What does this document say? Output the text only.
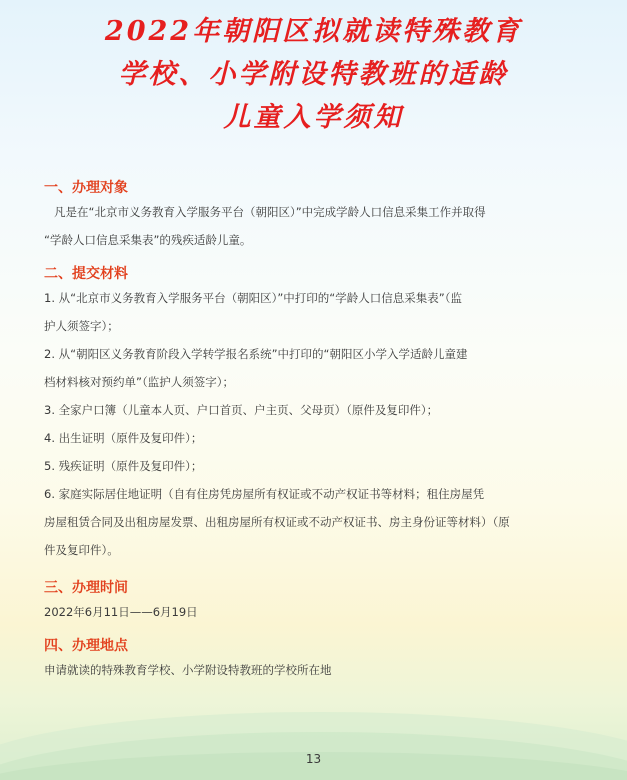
2022年朝阳区拟就读特殊教育
学校、小学附设特教班的适龄
儿童入学须知
一、办理对象
凡是在“北京市义务教育入学服务平台（朝阳区）”中完成学龄人口信息采集工作并取得
“学龄人口信息采集表”的残疾适龄儿童。
二、提交材料
1. 从“北京市义务教育入学服务平台（朝阳区）”中打印的“学龄人口信息采集表”（监
护人须签字）；
2. 从“朝阳区义务教育阶段入学转学报名系统”中打印的“朝阳区小学入学适龄儿童建
档材料核对预约单”（监护人须签字）；
3. 全家户口簿（儿童本人页、户口首页、户主页、父母页）（原件及复印件）；
4. 出生证明（原件及复印件）；
5. 残疾证明（原件及复印件）；
6. 家庭实际居住地证明（自有住房凭房屋所有权证或不动产权证书等材料；租住房屋凭
房屋租赁合同及出租房屋发票、出租房屋所有权证或不动产权证书、房主身份证等材料）（原
件及复印件）。
三、办理时间
2022年6月11日——6月19日
四、办理地点
申请就读的特殊教育学校、小学附设特教班的学校所在地
13
